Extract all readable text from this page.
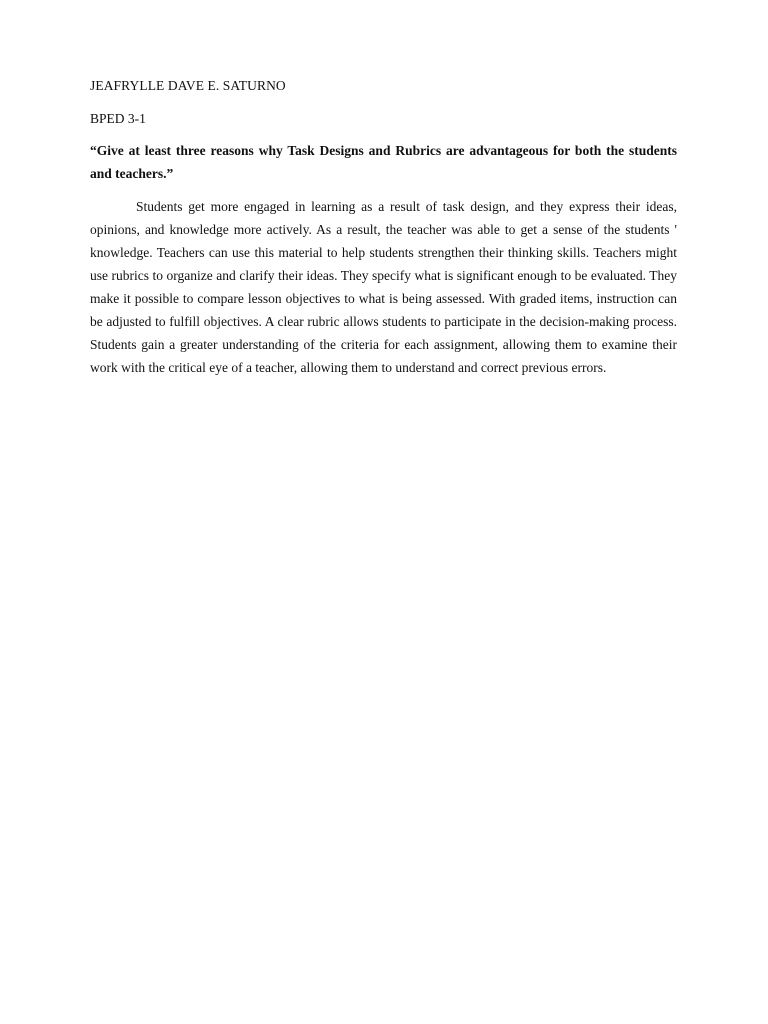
JEAFRYLLE DAVE E. SATURNO

BPED 3-1

“Give at least three reasons why Task Designs and Rubrics are advantageous for both the students and teachers.”

Students get more engaged in learning as a result of task design, and they express their ideas, opinions, and knowledge more actively. As a result, the teacher was able to get a sense of the students ' knowledge. Teachers can use this material to help students strengthen their thinking skills. Teachers might use rubrics to organize and clarify their ideas. They specify what is significant enough to be evaluated. They make it possible to compare lesson objectives to what is being assessed. With graded items, instruction can be adjusted to fulfill objectives. A clear rubric allows students to participate in the decision-making process. Students gain a greater understanding of the criteria for each assignment, allowing them to examine their work with the critical eye of a teacher, allowing them to understand and correct previous errors.
